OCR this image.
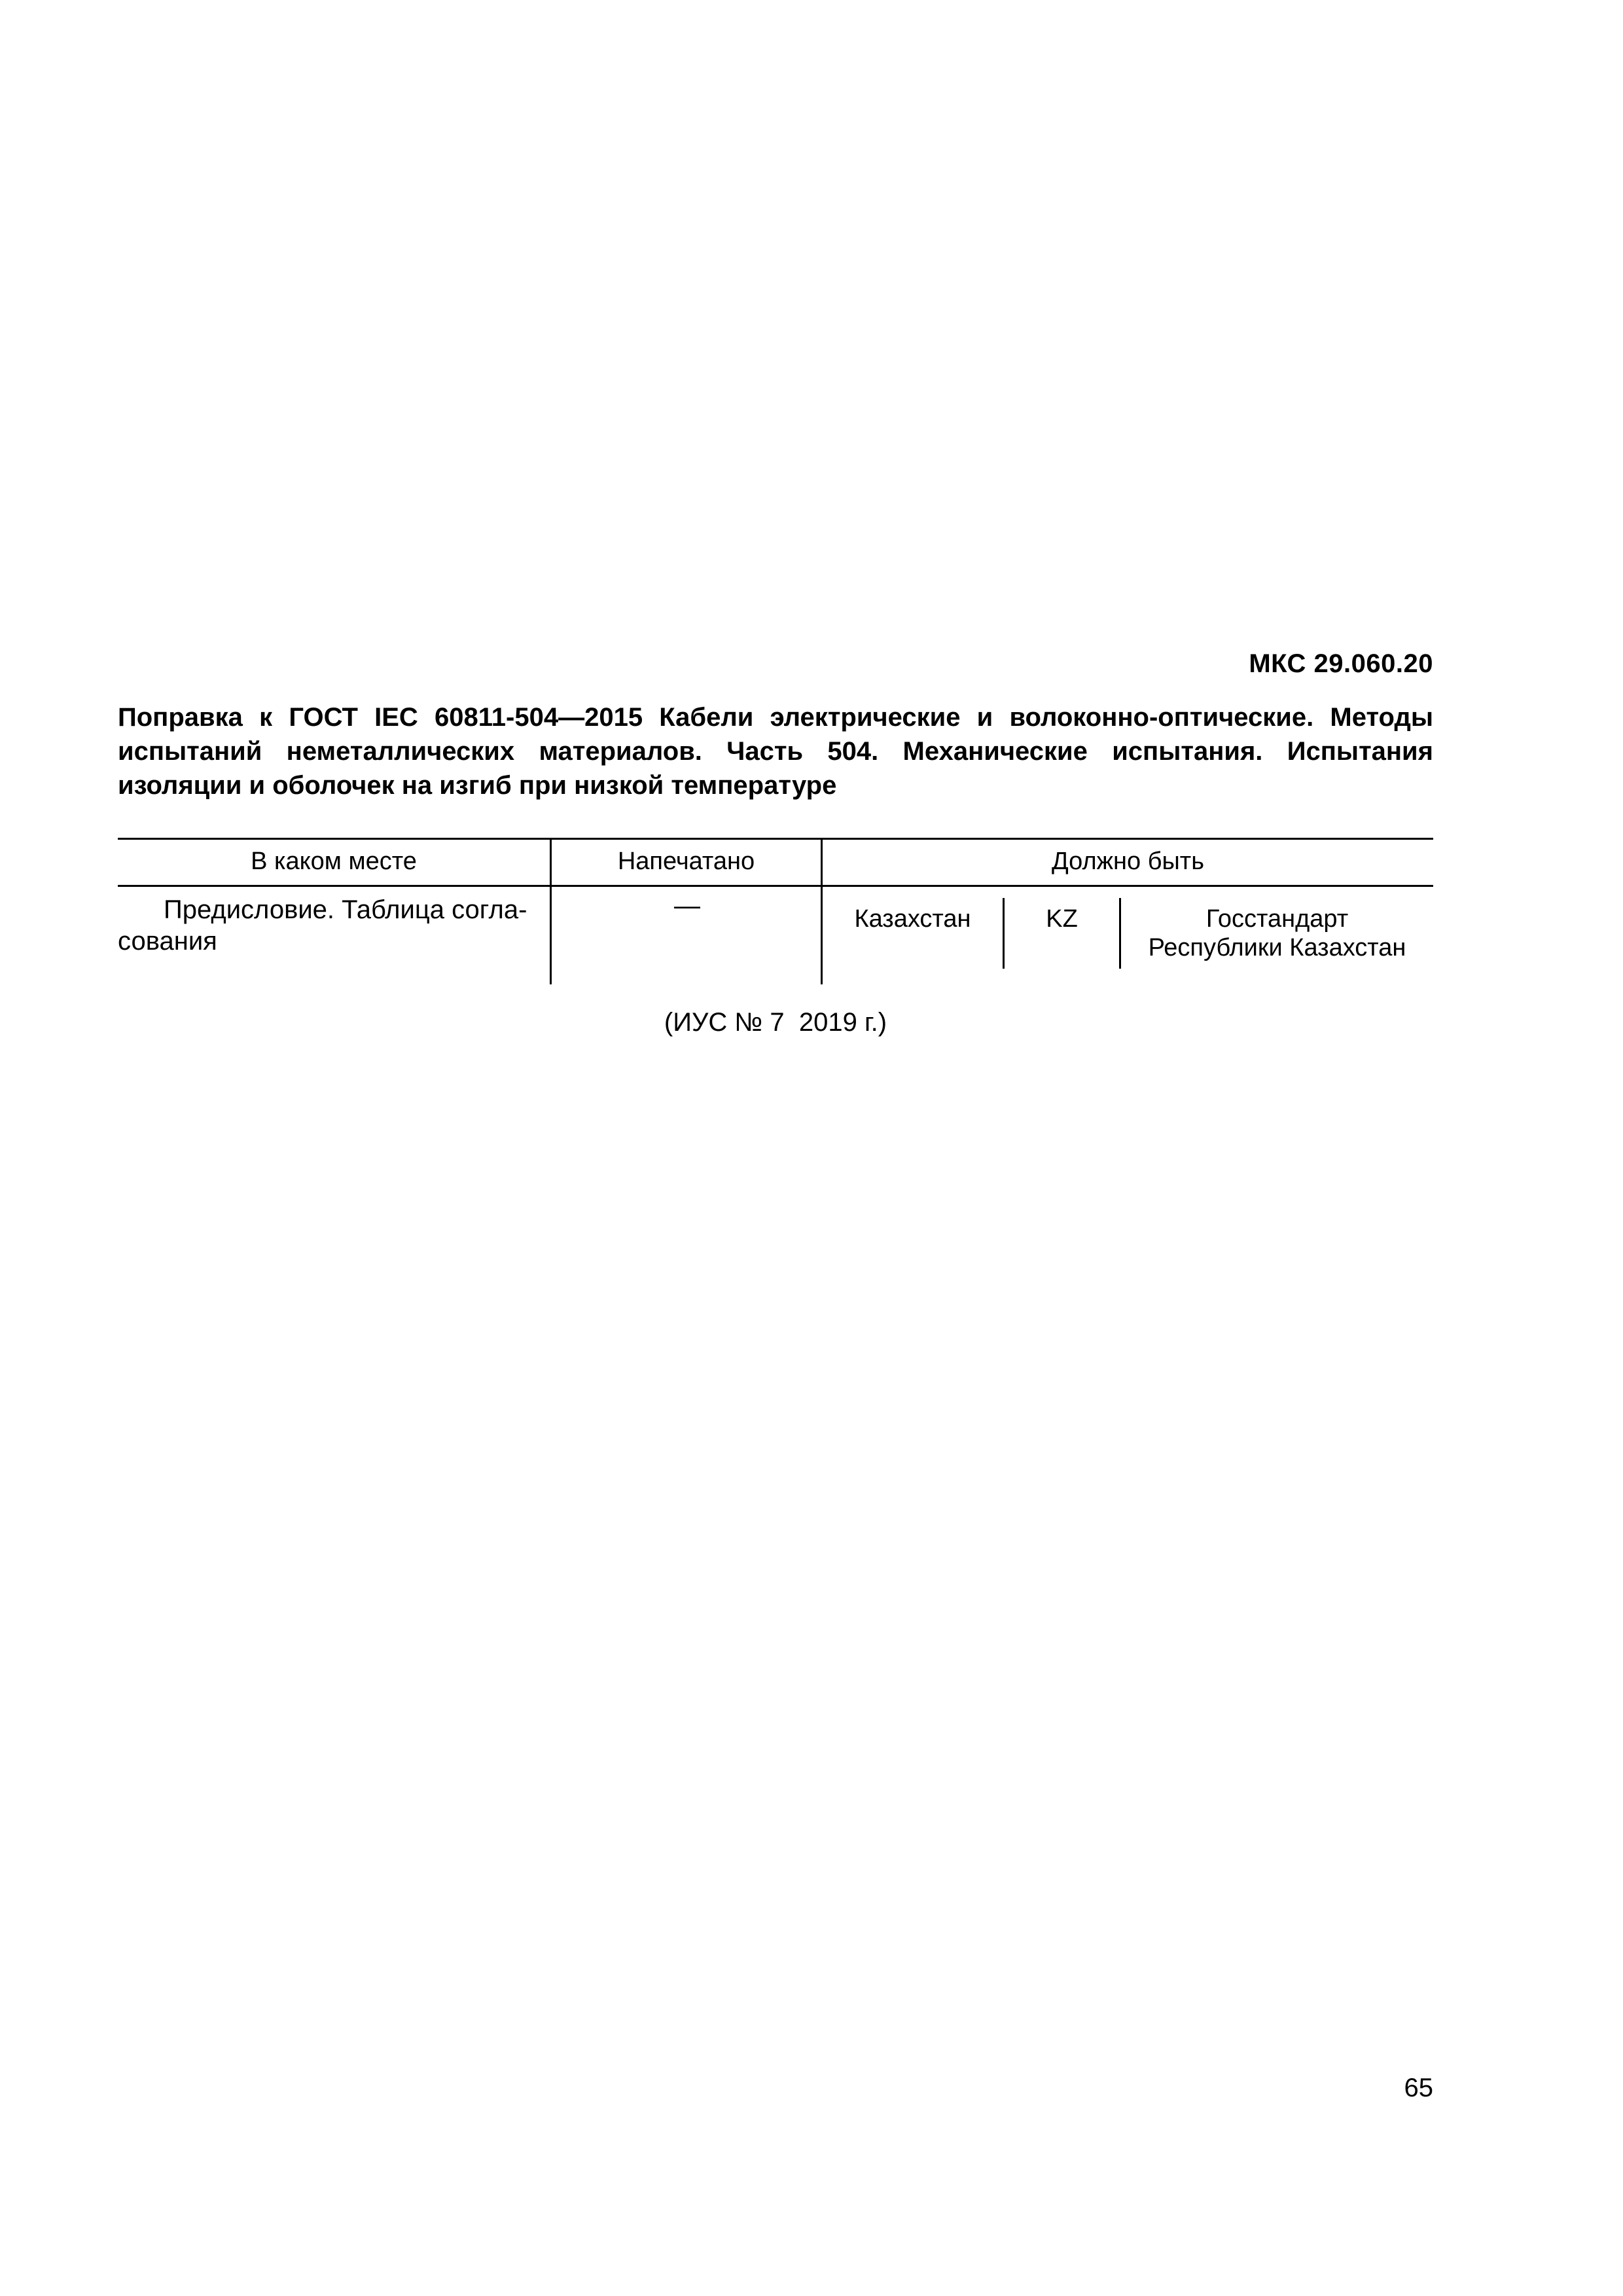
МКС 29.060.20

Поправка к ГОСТ IEC 60811-504—2015 Кабели электрические и волоконно-оптические. Методы испытаний неметаллических материалов. Часть 504. Механические испытания. Испытания изоляции и оболочек на изгиб при низкой температуре

В каком месте	Напечатано	Должно быть
Предисловие. Таблица согла-
сования
—	Казахстан	KZ	Госстандарт
Республики Казахстан
(ИУС № 7  2019 г.)
65
